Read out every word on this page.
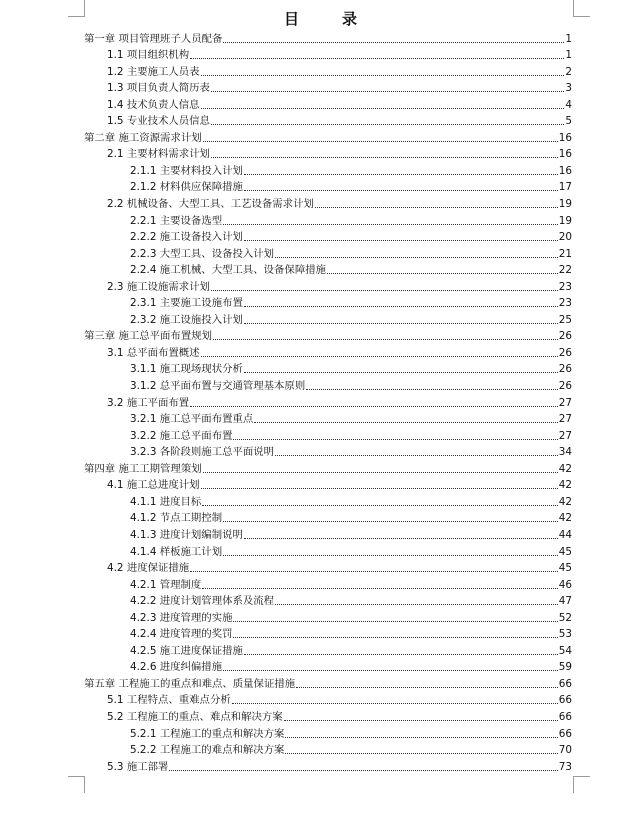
目　录
第一章 项目管理班子人员配备	1
1.1 项目组织机构	1
1.2 主要施工人员表	2
1.3 项目负责人简历表	3
1.4 技术负责人信息	4
1.5 专业技术人员信息	5
第二章 施工资源需求计划	16
2.1 主要材料需求计划	16
2.1.1 主要材料投入计划	16
2.1.2 材料供应保障措施	17
2.2 机械设备、大型工具、工艺设备需求计划	19
2.2.1 主要设备选型	19
2.2.2 施工设备投入计划	20
2.2.3 大型工具、设备投入计划	21
2.2.4 施工机械、大型工具、设备保障措施	22
2.3 施工设施需求计划	23
2.3.1 主要施工设施布置	23
2.3.2 施工设施投入计划	25
第三章 施工总平面布置规划	26
3.1 总平面布置概述	26
3.1.1 施工现场现状分析	26
3.1.2 总平面布置与交通管理基本原则	26
3.2 施工平面布置	27
3.2.1 施工总平面布置重点	27
3.2.2 施工总平面布置	27
3.2.3 各阶段则施工总平面说明	34
第四章 施工工期管理策划	42
4.1 施工总进度计划	42
4.1.1 进度目标	42
4.1.2 节点工期控制	42
4.1.3 进度计划编制说明	44
4.1.4 样板施工计划	45
4.2 进度保证措施	45
4.2.1 管理制度	46
4.2.2 进度计划管理体系及流程	47
4.2.3 进度管理的实施	52
4.2.4 进度管理的奖罚	53
4.2.5 施工进度保证措施	54
4.2.6 进度纠偏措施	59
第五章 工程施工的重点和难点、质量保证措施	66
5.1 工程特点、重难点分析	66
5.2 工程施工的重点、难点和解决方案	66
5.2.1 工程施工的重点和解决方案	66
5.2.2 工程施工的难点和解决方案	70
5.3 施工部署	73
